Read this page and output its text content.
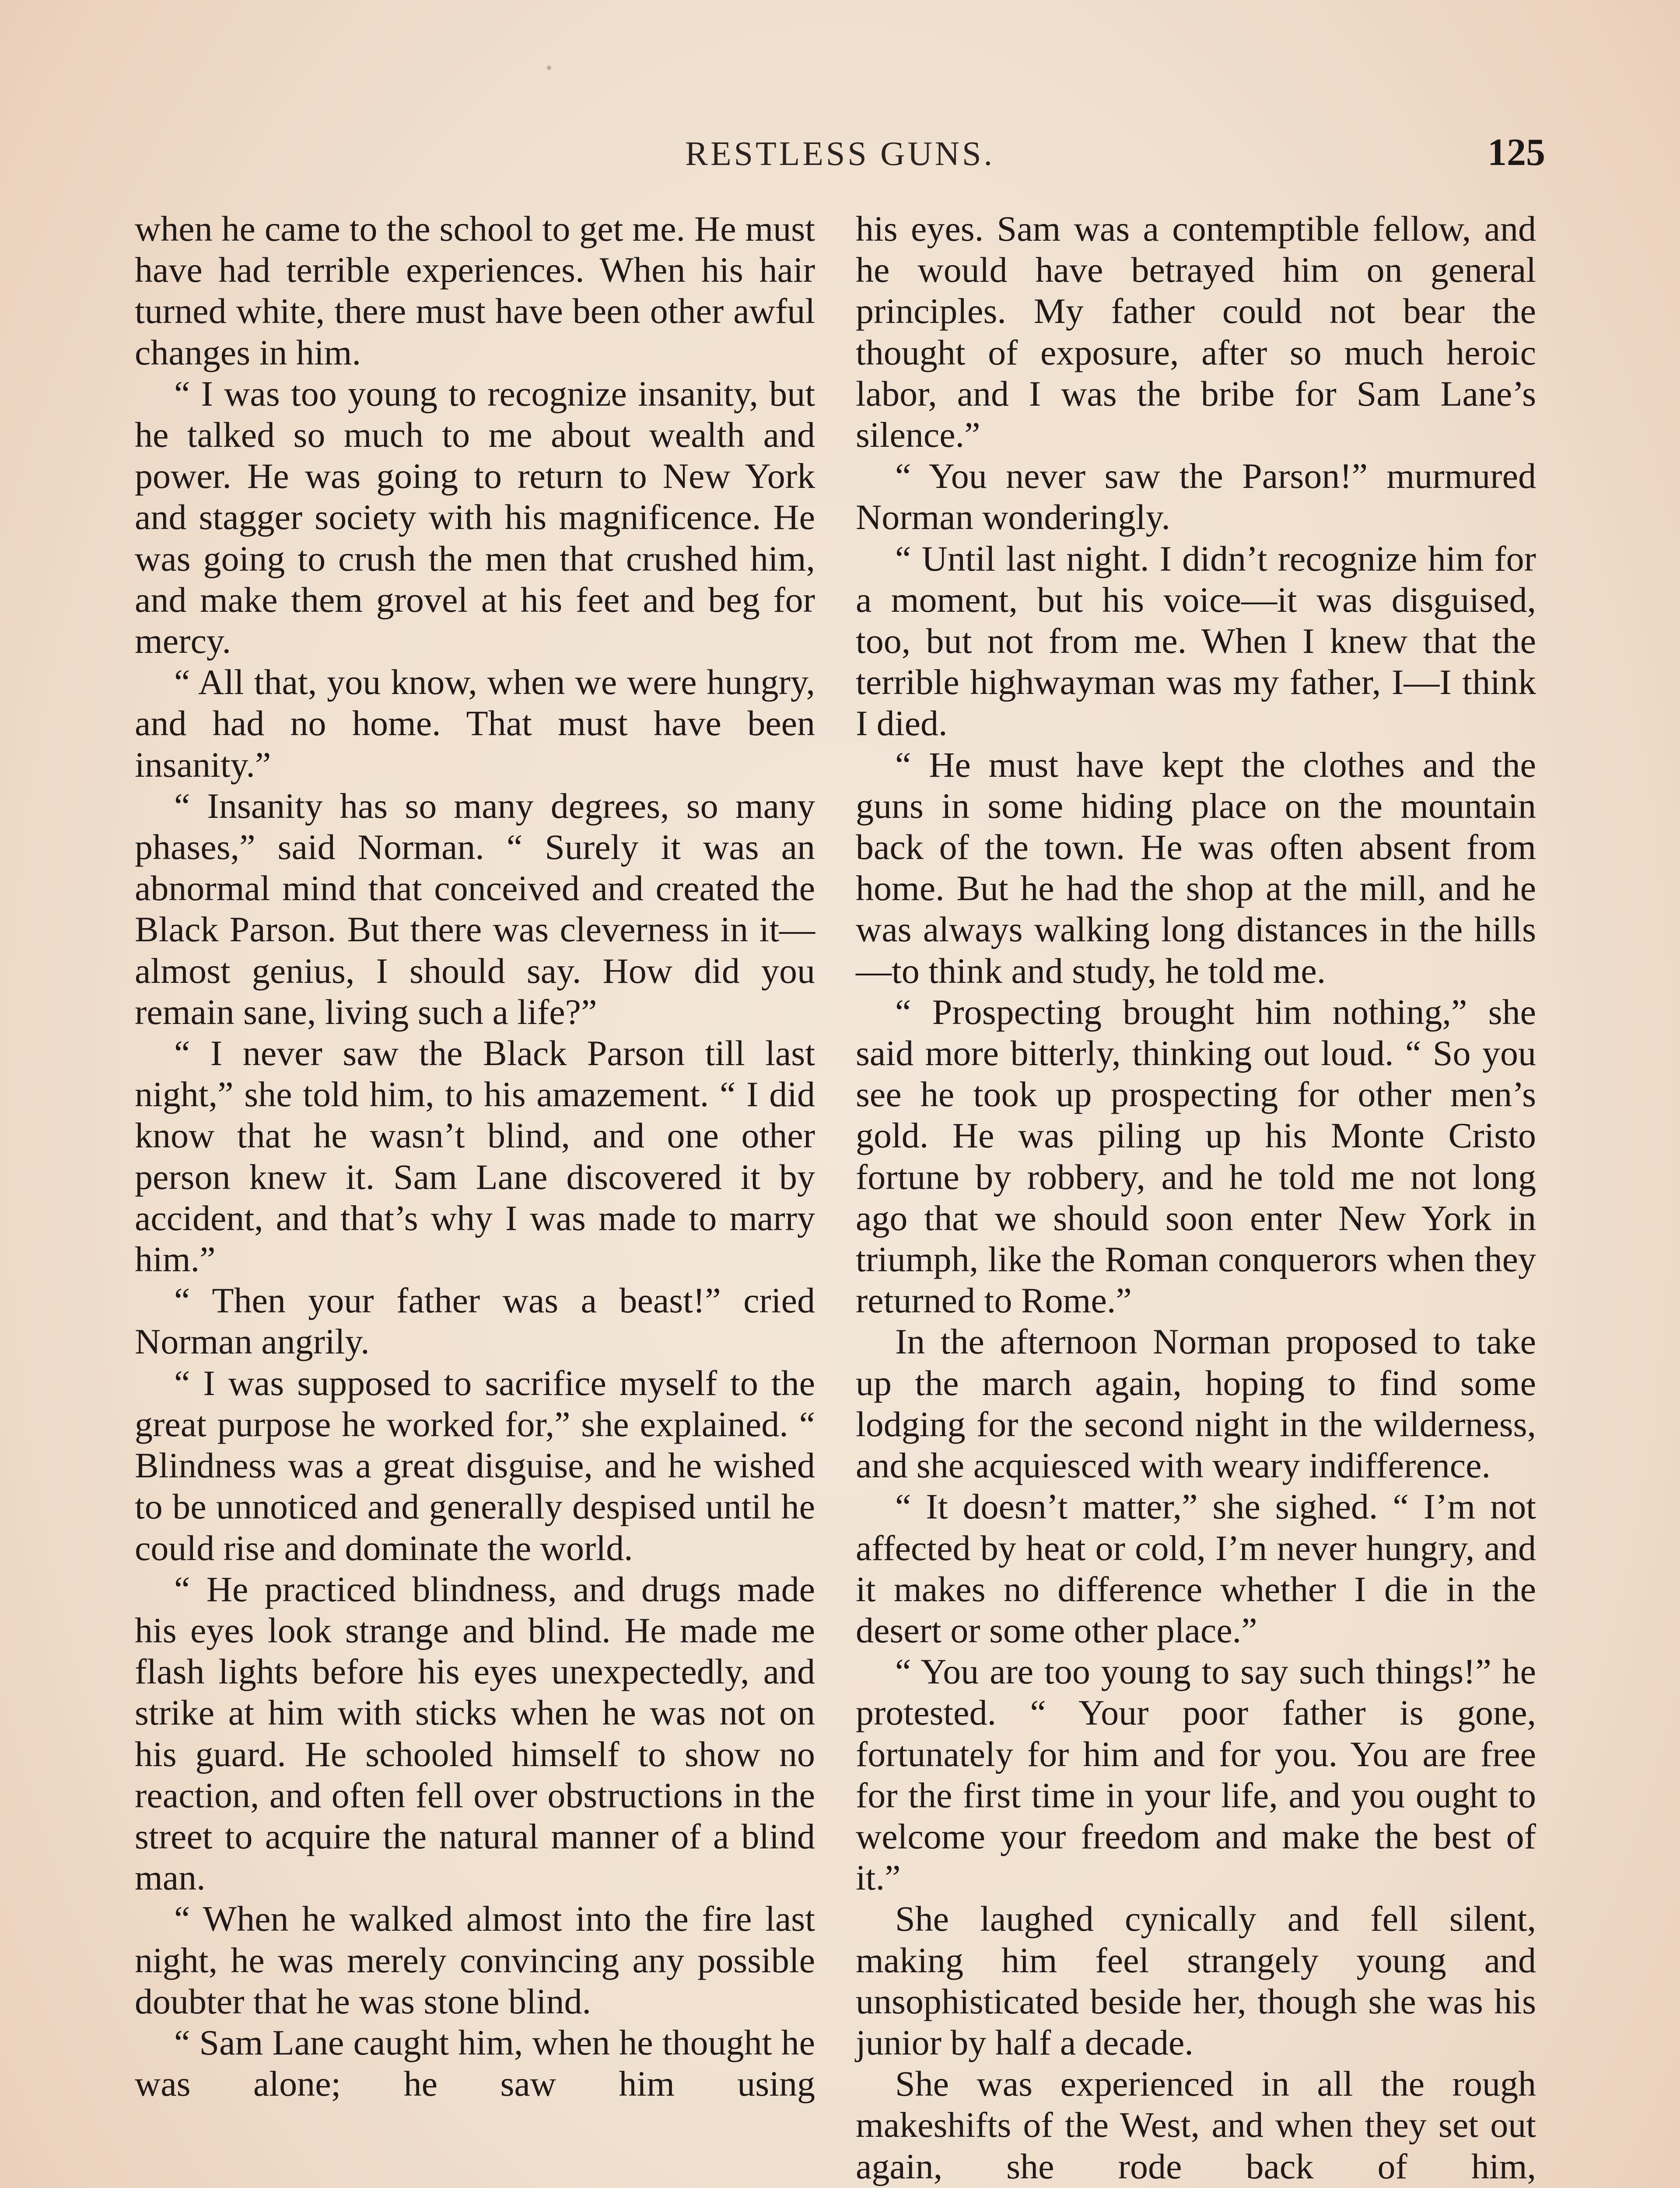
RESTLESS GUNS.	125

when he came to the school to get me. He must have had terrible experiences. When his hair turned white, there must have been other awful changes in him.

“ I was too young to recognize insanity, but he talked so much to me about wealth and power. He was going to return to New York and stagger society with his magnificence. He was going to crush the men that crushed him, and make them grovel at his feet and beg for mercy.

“ All that, you know, when we were hungry, and had no home. That must have been insanity.”

“ Insanity has so many degrees, so many phases,” said Norman. “ Surely it was an abnormal mind that conceived and created the Black Parson. But there was cleverness in it—almost genius, I should say. How did you remain sane, living such a life?”

“ I never saw the Black Parson till last night,” she told him, to his amazement. “ I did know that he wasn’t blind, and one other person knew it. Sam Lane discovered it by accident, and that’s why I was made to marry him.”

“ Then your father was a beast!” cried Norman angrily.

“ I was supposed to sacrifice myself to the great purpose he worked for,” she explained. “ Blindness was a great disguise, and he wished to be unnoticed and generally despised until he could rise and dominate the world.

“ He practiced blindness, and drugs made his eyes look strange and blind. He made me flash lights before his eyes unexpectedly, and strike at him with sticks when he was not on his guard. He schooled himself to show no reaction, and often fell over obstructions in the street to acquire the natural manner of a blind man.

“ When he walked almost into the fire last night, he was merely convincing any possible doubter that he was stone blind.

“ Sam Lane caught him, when he thought he was alone; he saw him using

his eyes. Sam was a contemptible fellow, and he would have betrayed him on general principles. My father could not bear the thought of exposure, after so much heroic labor, and I was the bribe for Sam Lane’s silence.”

“ You never saw the Parson!” murmured Norman wonderingly.

“ Until last night. I didn’t recognize him for a moment, but his voice—it was disguised, too, but not from me. When I knew that the terrible highwayman was my father, I—I think I died.

“ He must have kept the clothes and the guns in some hiding place on the mountain back of the town. He was often absent from home. But he had the shop at the mill, and he was always walking long distances in the hills—to think and study, he told me.

“ Prospecting brought him nothing,” she said more bitterly, thinking out loud. “ So you see he took up prospecting for other men’s gold. He was piling up his Monte Cristo fortune by robbery, and he told me not long ago that we should soon enter New York in triumph, like the Roman conquerors when they returned to Rome.”

In the afternoon Norman proposed to take up the march again, hoping to find some lodging for the second night in the wilderness, and she acquiesced with weary indifference.

“ It doesn’t matter,” she sighed. “ I’m not affected by heat or cold, I’m never hungry, and it makes no difference whether I die in the desert or some other place.”

“ You are too young to say such things!” he protested. “ Your poor father is gone, fortunately for him and for you. You are free for the first time in your life, and you ought to welcome your freedom and make the best of it.”

She laughed cynically and fell silent, making him feel strangely young and unsophisticated beside her, though she was his junior by half a decade.

She was experienced in all the rough makeshifts of the West, and when they set out again, she rode back of him,
